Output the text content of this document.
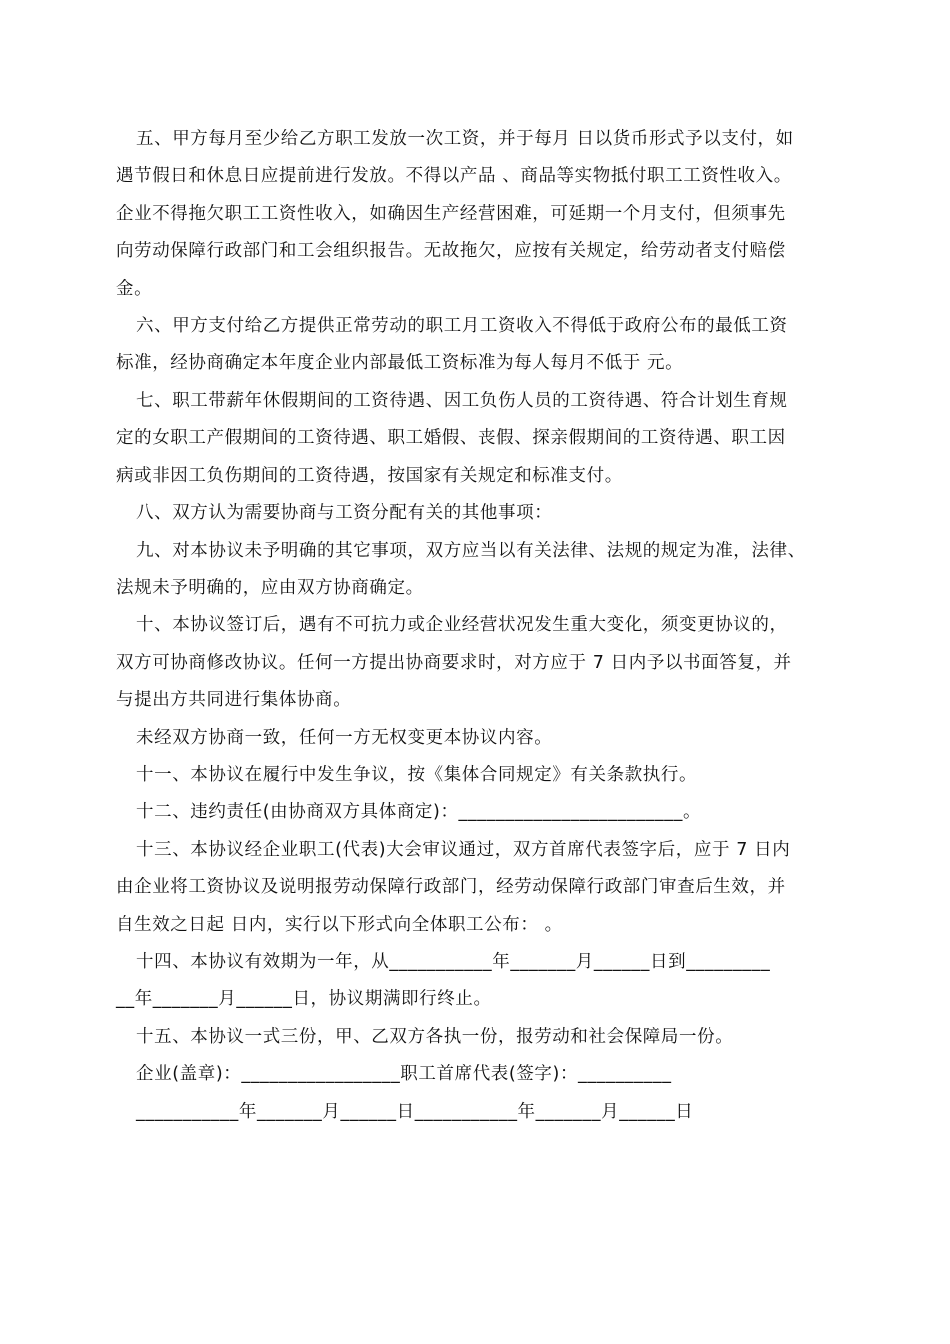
五、甲方每月至少给乙方职工发放一次工资，并于每月 日以货币形式予以支付，如
遇节假日和休息日应提前进行发放。不得以产品 、商品等实物抵付职工工资性收入。
企业不得拖欠职工工资性收入，如确因生产经营困难，可延期一个月支付，但须事先
向劳动保障行政部门和工会组织报告。无故拖欠，应按有关规定，给劳动者支付赔偿
金。
六、甲方支付给乙方提供正常劳动的职工月工资收入不得低于政府公布的最低工资
标准，经协商确定本年度企业内部最低工资标准为每人每月不低于 元。
七、职工带薪年休假期间的工资待遇、因工负伤人员的工资待遇、符合计划生育规
定的女职工产假期间的工资待遇、职工婚假、丧假、探亲假期间的工资待遇、职工因
病或非因工负伤期间的工资待遇，按国家有关规定和标准支付。
八、双方认为需要协商与工资分配有关的其他事项：
九、对本协议未予明确的其它事项，双方应当以有关法律、法规的规定为准，法律、
法规未予明确的，应由双方协商确定。
十、本协议签订后，遇有不可抗力或企业经营状况发生重大变化，须变更协议的，
双方可协商修改协议。任何一方提出协商要求时，对方应于 7 日内予以书面答复，并
与提出方共同进行集体协商。
未经双方协商一致，任何一方无权变更本协议内容。
十一、本协议在履行中发生争议，按《集体合同规定》有关条款执行。
十二、违约责任(由协商双方具体商定)：________________________。
十三、本协议经企业职工(代表)大会审议通过，双方首席代表签字后，应于 7 日内
由企业将工资协议及说明报劳动保障行政部门，经劳动保障行政部门审查后生效，并
自生效之日起 日内，实行以下形式向全体职工公布： 。
十四、本协议有效期为一年，从___________年_______月______日到_________
__年_______月______日，协议期满即行终止。
十五、本协议一式三份，甲、乙双方各执一份，报劳动和社会保障局一份。
企业(盖章)：_________________职工首席代表(签字)：__________
___________年_______月______日___________年_______月______日
